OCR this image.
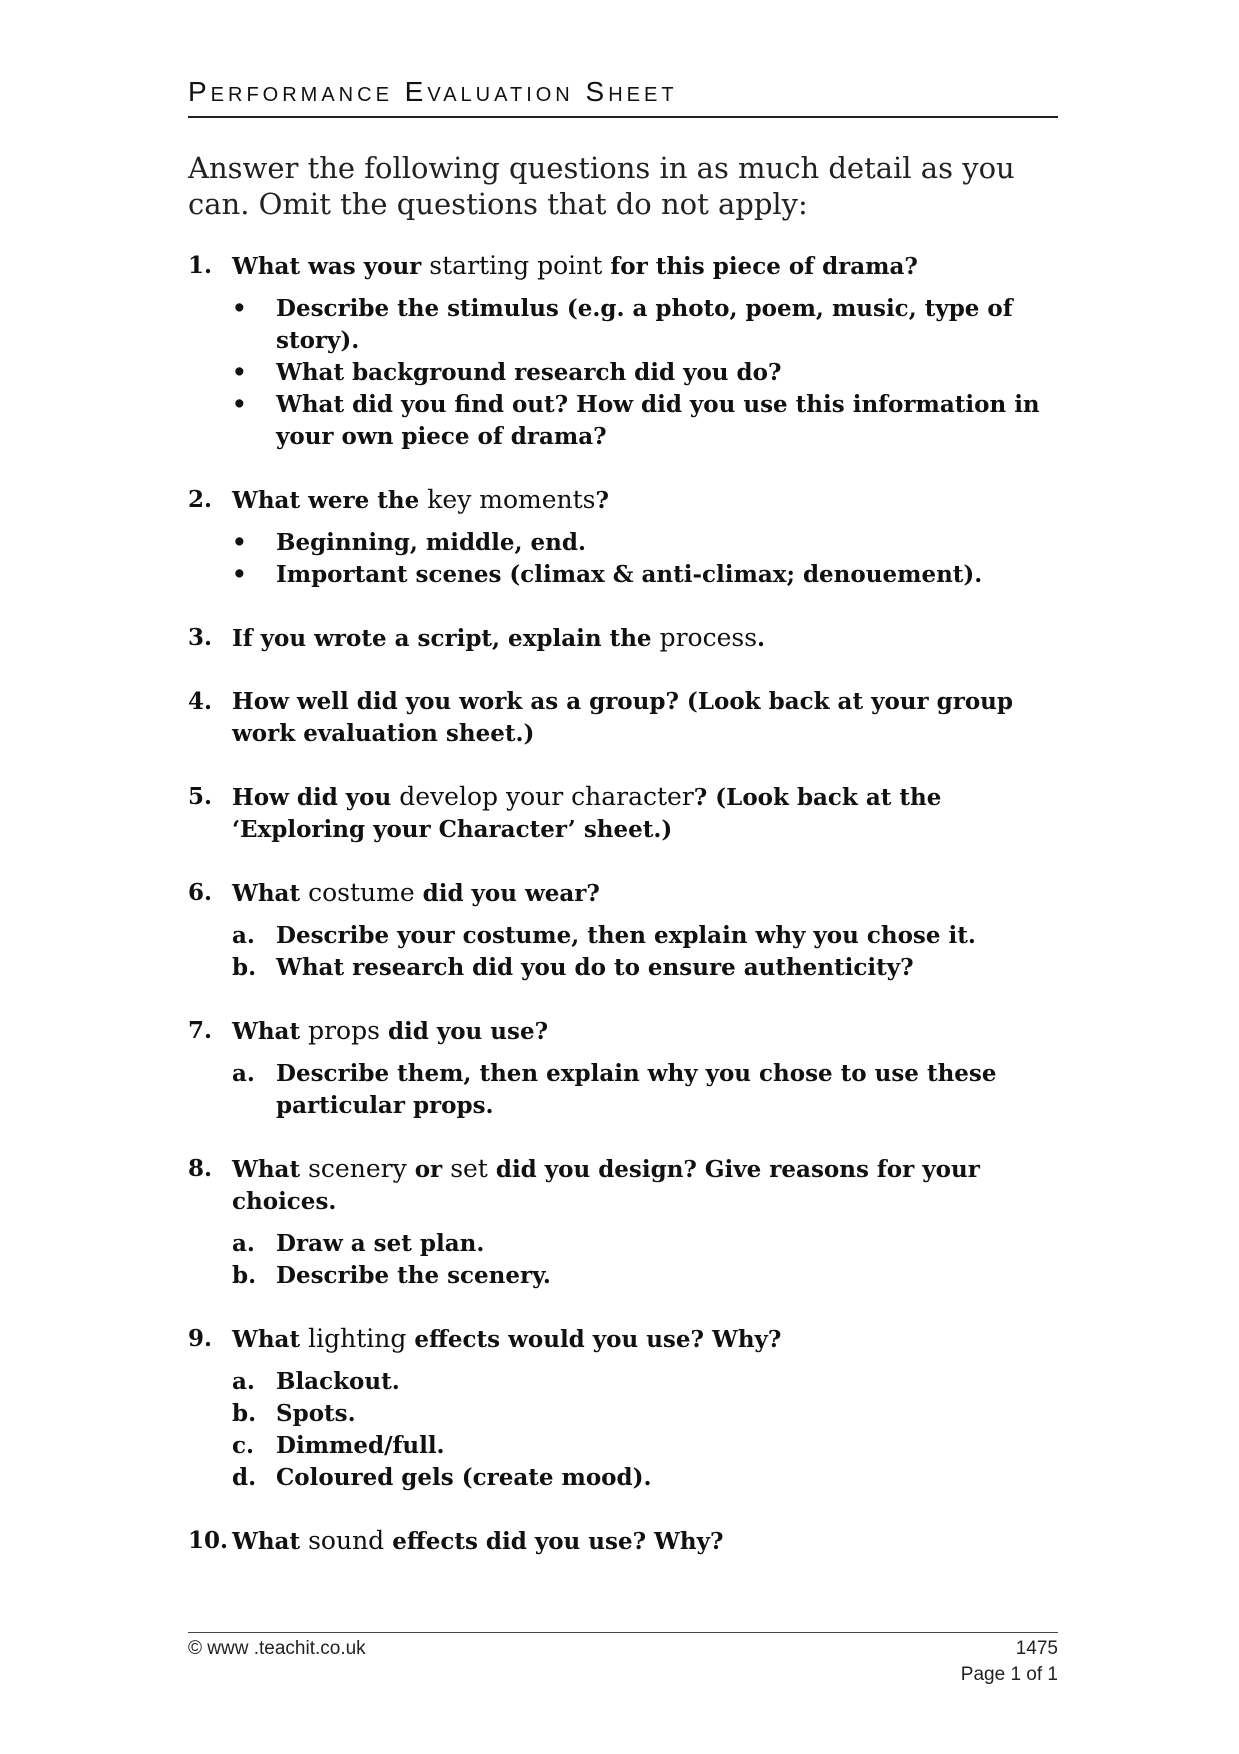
Performance Evaluation Sheet
Answer the following questions in as much detail as you can. Omit the questions that do not apply:
1. What was your starting point for this piece of drama?
•	Describe the stimulus (e.g. a photo, poem, music, type of story).
•	What background research did you do?
•	What did you find out? How did you use this information in your own piece of drama?
2. What were the key moments?
•	Beginning, middle, end.
•	Important scenes (climax & anti-climax; denouement).
3. If you wrote a script, explain the process.
4. How well did you work as a group? (Look back at your group work evaluation sheet.)
5. How did you develop your character? (Look back at the ‘Exploring your Character’ sheet.)
6. What costume did you wear?
a. Describe your costume, then explain why you chose it.
b. What research did you do to ensure authenticity?
7. What props did you use?
a. Describe them, then explain why you chose to use these particular props.
8. What scenery or set did you design? Give reasons for your choices.
a. Draw a set plan.
b. Describe the scenery.
9. What lighting effects would you use? Why?
a. Blackout.
b. Spots.
c. Dimmed/full.
d. Coloured gels (create mood).
10. What sound effects did you use? Why?
© www .teachit.co.uk	1475
Page 1 of 1
